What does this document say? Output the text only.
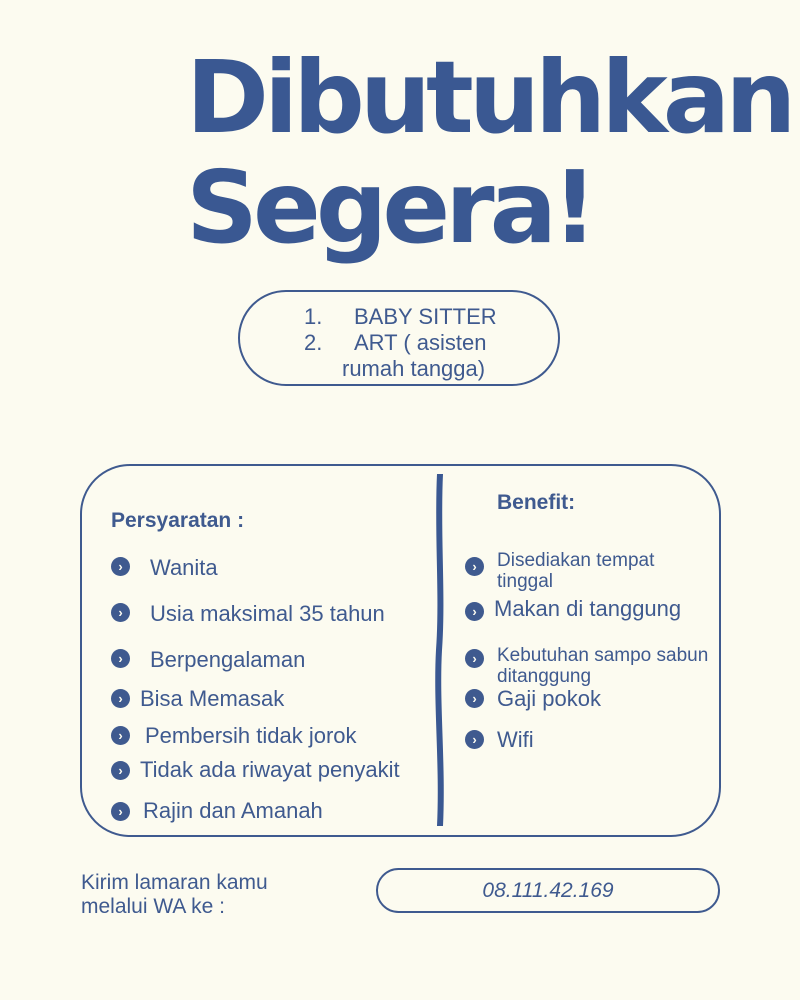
Dibutuhkan
Segera!
1. BABY SITTER
2. ART ( asisten
rumah tangga)
Persyaratan :
Benefit:
›	Wanita
›	Usia maksimal 35 tahun
›	Berpengalaman
› Bisa Memasak
›	Pembersih tidak jorok
› Tidak ada riwayat penyakit
› Rajin dan Amanah
›	Disediakan tempat
tinggal
› Makan di tanggung
›	Kebutuhan sampo sabun
ditanggung
› Gaji pokok
› Wifi
Kirim lamaran kamu
melalui WA ke :
08.111.42.169
